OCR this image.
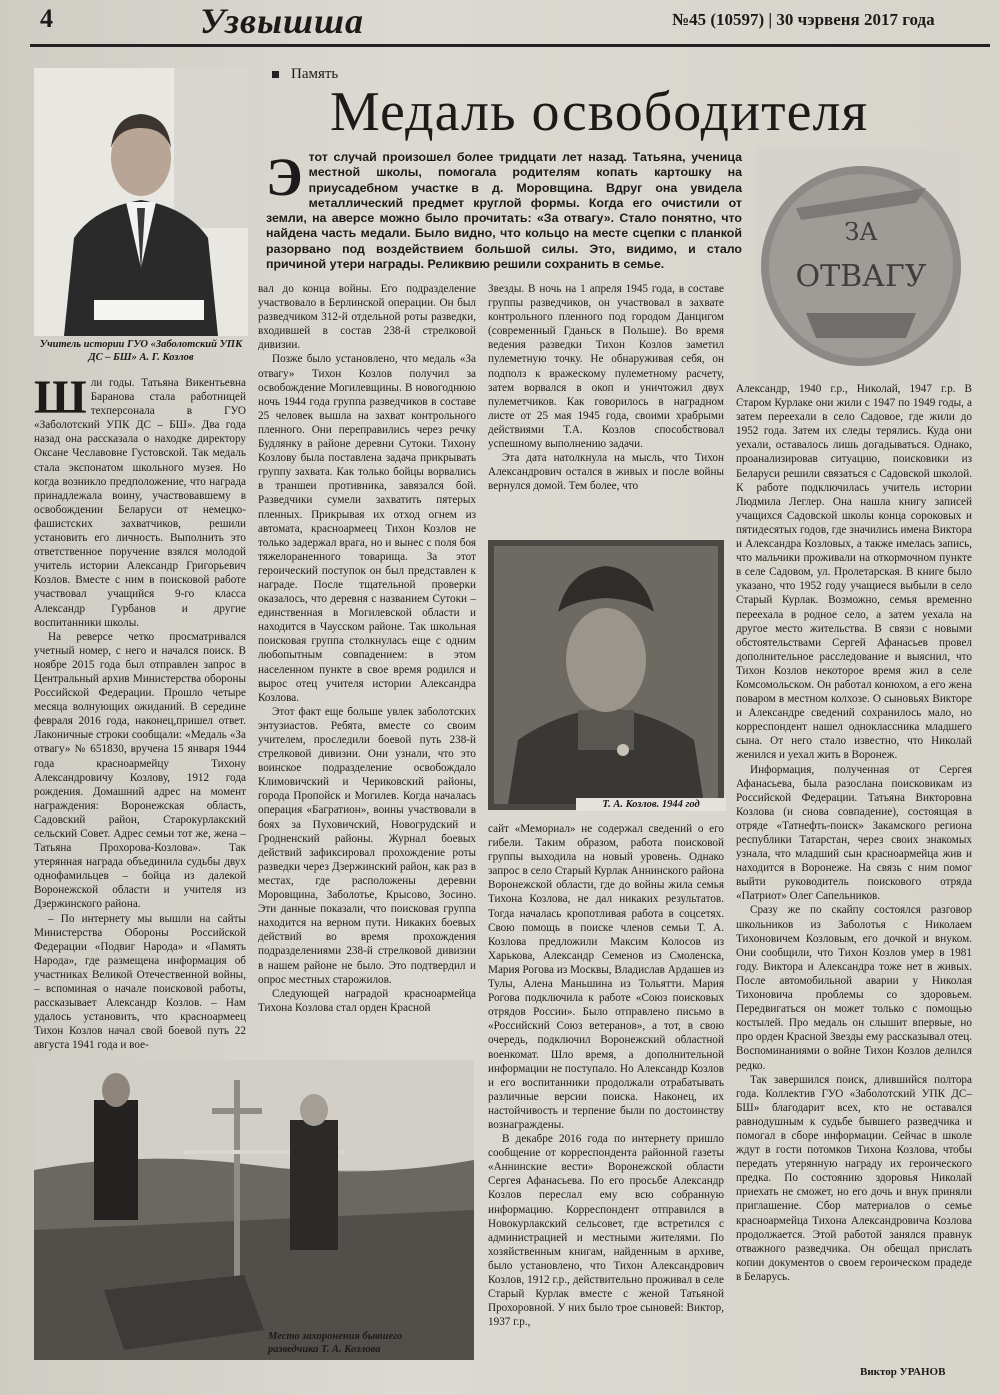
4	Узвышша	№45 (10597) | 30 чэрвеня 2017 года
Учитель истории ГУО «Заболотский УПК ДС – БШ» А. Г. Козлов
Память
Медаль освободителя
Этот случай произошел более тридцати лет назад. Татьяна, ученица местной школы, помогала родителям копать картошку на приусадебном участке в д. Моровщина. Вдруг она увидела металлический предмет круглой формы. Когда его очистили от земли, на аверсе можно было прочитать: «За отвагу». Стало понятно, что найдена часть медали. Было видно, что кольцо на месте сцепки с планкой разорвано под воздействием большой силы. Это, видимо, и стало причиной утери награды. Реликвию решили сохранить в семье.
ЗА
ОТВАГУ

Шли годы. Татьяна Викентьевна Баранова стала работницей техперсонала в ГУО «Заболотский УПК ДС – БШ». Два года назад она рассказала о находке директору Оксане Чеславовне Густовской. Так медаль стала экспонатом школьного музея. Но когда возникло предположение, что награда принадлежала воину, участвовавшему в освобождении Беларуси от немецко-фашистских захватчиков, решили установить его личность. Выполнить это ответственное поручение взялся молодой учитель истории Александр Григорьевич Козлов. Вместе с ним в поисковой работе участвовал учащийся 9-го класса Александр Гурбанов и другие воспитанники школы.

На реверсе четко просматривался учетный номер, с него и начался поиск. В ноябре 2015 года был отправлен запрос в Центральный архив Министерства обороны Российской Федерации. Прошло четыре месяца волнующих ожиданий. В середине февраля 2016 года, наконец,пришел ответ. Лаконичные строки сообщали: «Медаль «За отвагу» № 651830, вручена 15 января 1944 года красноармейцу Тихону Александровичу Козлову, 1912 года рождения. Домашний адрес на момент награждения: Воронежская область, Садовский район, Старокурлакский сельский Совет. Адрес семьи тот же, жена – Татьяна Прохорова-Козлова». Так утерянная награда объединила судьбы двух однофамильцев – бойца из далекой Воронежской области и учителя из Дзержинского района.

– По интернету мы вышли на сайты Министерства Обороны Российской Федерации «Подвиг Народа» и «Память Народа», где размещена информация об участниках Великой Отечественной войны, – вспоминая о начале поисковой работы, рассказывает Александр Козлов. – Нам удалось установить, что красноармеец Тихон Козлов начал свой боевой путь 22 августа 1941 года и вое-

вал до конца войны. Его подразделение участвовало в Берлинской операции. Он был разведчиком 312-й отдельной роты разведки, входившей в состав 238-й стрелковой дивизии.

Позже было установлено, что медаль «За отвагу» Тихон Козлов получил за освобождение Могилевщины. В новогоднюю ночь 1944 года группа разведчиков в составе 25 человек вышла на захват контрольного пленного. Они переправились через речку Будлянку в районе деревни Сутоки. Тихону Козлову была поставлена задача прикрывать группу захвата. Как только бойцы ворвались в траншеи противника, завязался бой. Разведчики сумели захватить пятерых пленных. Прикрывая их отход огнем из автомата, красноармеец Тихон Козлов не только задержал врага, но и вынес с поля боя тяжелораненного товарища. За этот героический поступок он был представлен к награде. После тщательной проверки оказалось, что деревня с названием Сутоки – единственная в Могилевской области и находится в Чаусском районе. Так школьная поисковая группа столкнулась еще с одним любопытным совпадением: в этом населенном пункте в свое время родился и вырос отец учителя истории Александра Козлова.

Этот факт еще больше увлек заболотских энтузиастов. Ребята, вместе со своим учителем, проследили боевой путь 238-й стрелковой дивизии. Они узнали, что это воинское подразделение освобождало Климовичский и Чериковский районы, города Пропойск и Могилев. Когда началась операция «Багратион», воины участвовали в боях за Пуховичский, Новогрудский и Гродненский районы. Журнал боевых действий зафиксировал прохождение роты разведки через Дзержинский район, как раз в местах, где расположены деревни Моровщина, Заболотье, Крысово, Зосино. Эти данные показали, что поисковая группа находится на верном пути. Никаких боевых действий во время прохождения подразделениями 238-й стрелковой дивизии в нашем районе не было. Это подтвердил и опрос местных старожилов.

Следующей наградой красноармейца Тихона Козлова стал орден Красной

Звезды. В ночь на 1 апреля 1945 года, в составе группы разведчиков, он участвовал в захвате контрольного пленного под городом Данцигом (современный Гданьск в Польше). Во время ведения разведки Тихон Козлов заметил пулеметную точку. Не обнаруживая себя, он подполз к вражескому пулеметному расчету, затем ворвался в окоп и уничтожил двух пулеметчиков. Как говорилось в наградном листе от 25 мая 1945 года, своими храбрыми действиями Т.А. Козлов способствовал успешному выполнению задачи.

Эта дата натолкнула на мысль, что Тихон Александрович остался в живых и после войны вернулся домой. Тем более, что

Т. А. Козлов. 1944 год
Место захоронения бывшего разведчика Т. А. Козлова

сайт «Мемориал» не содержал сведений о его гибели. Таким образом, работа поисковой группы выходила на новый уровень. Однако запрос в село Старый Курлак Аннинского района Воронежской области, где до войны жила семья Тихона Козлова, не дал никаких результатов. Тогда началась кропотливая работа в соцсетях. Свою помощь в поиске членов семьи Т. А. Козлова предложили Максим Колосов из Харькова, Александр Семенов из Смоленска, Мария Рогова из Москвы, Владислав Ардашев из Тулы, Алена Маньшина из Тольятти. Мария Рогова подключила к работе «Союз поисковых отрядов России». Было отправлено письмо в «Российский Союз ветеранов», а тот, в свою очередь, подключил Воронежский областной военкомат. Шло время, а дополнительной информации не поступало. Но Александр Козлов и его воспитанники продолжали отрабатывать различные версии поиска. Наконец, их настойчивость и терпение были по достоинству вознаграждены.

В декабре 2016 года по интернету пришло сообщение от корреспондента районной газеты «Аннинские вести» Воронежской области Сергея Афанасьева. По его просьбе Александр Козлов переслал ему всю собранную информацию. Корреспондент отправился в Новокурлакский сельсовет, где встретился с администрацией и местными жителями. По хозяйственным книгам, найденным в архиве, было установлено, что Тихон Александрович Козлов, 1912 г.р., действительно проживал в селе Старый Курлак вместе с женой Татьяной Прохоровной. У них было трое сыновей: Виктор, 1937 г.р.,

Александр, 1940 г.р., Николай, 1947 г.р. В Старом Курлаке они жили с 1947 по 1949 годы, а затем переехали в село Садовое, где жили до 1952 года. Затем их следы терялись. Куда они уехали, оставалось лишь догадываться. Однако, проанализировав ситуацию, поисковики из Беларуси решили связаться с Садовской школой. К работе подключилась учитель истории Людмила Леглер. Она нашла книгу записей учащихся Садовской школы конца сороковых и пятидесятых годов, где значились имена Виктора и Александра Козловых, а также имелась запись, что мальчики проживали на откормочном пункте в селе Садовом, ул. Пролетарская. В книге было указано, что 1952 году учащиеся выбыли в село Старый Курлак. Возможно, семья временно переехала в родное село, а затем уехала на другое место жительства. В связи с новыми обстоятельствами Сергей Афанасьев провел дополнительное расследование и выяснил, что Тихон Козлов некоторое время жил в селе Комсомольском. Он работал конюхом, а его жена поваром в местном колхозе. О сыновьях Викторе и Александре сведений сохранилось мало, но корреспондент нашел одноклассника младшего сына. От него стало известно, что Николай женился и уехал жить в Воронеж.

Информация, полученная от Сергея Афанасьева, была разослана поисковикам из Российской Федерации. Татьяна Викторовна Козлова (и снова совпадение), состоящая в отряде «Татнефть-поиск» Закамского региона республики Татарстан, через своих знакомых узнала, что младший сын красноармейца жив и находится в Воронеже. На связь с ним помог выйти руководитель поискового отряда «Патриот» Олег Сапельников.

Сразу же по скайпу состоялся разговор школьников из Заболотья с Николаем Тихоновичем Козловым, его дочкой и внуком. Они сообщили, что Тихон Козлов умер в 1981 году. Виктора и Александра тоже нет в живых. После автомобильной аварии у Николая Тихоновича проблемы со здоровьем. Передвигаться он может только с помощью костылей. Про медаль он слышит впервые, но про орден Красной Звезды ему рассказывал отец. Воспоминаниями о войне Тихон Козлов делился редко.

Так завершился поиск, длившийся полтора года. Коллектив ГУО «Заболотский УПК ДС–БШ» благодарит всех, кто не оставался равнодушным к судьбе бывшего разведчика и помогал в сборе информации. Сейчас в школе ждут в гости потомков Тихона Козлова, чтобы передать утерянную награду их героического предка. По состоянию здоровья Николай приехать не сможет, но его дочь и внук приняли приглашение. Сбор материалов о семье красноармейца Тихона Александровича Козлова продолжается. Этой работой занялся правнук отважного разведчика. Он обещал прислать копии документов о своем героическом прадеде в Беларусь.

Виктор УРАНОВ
